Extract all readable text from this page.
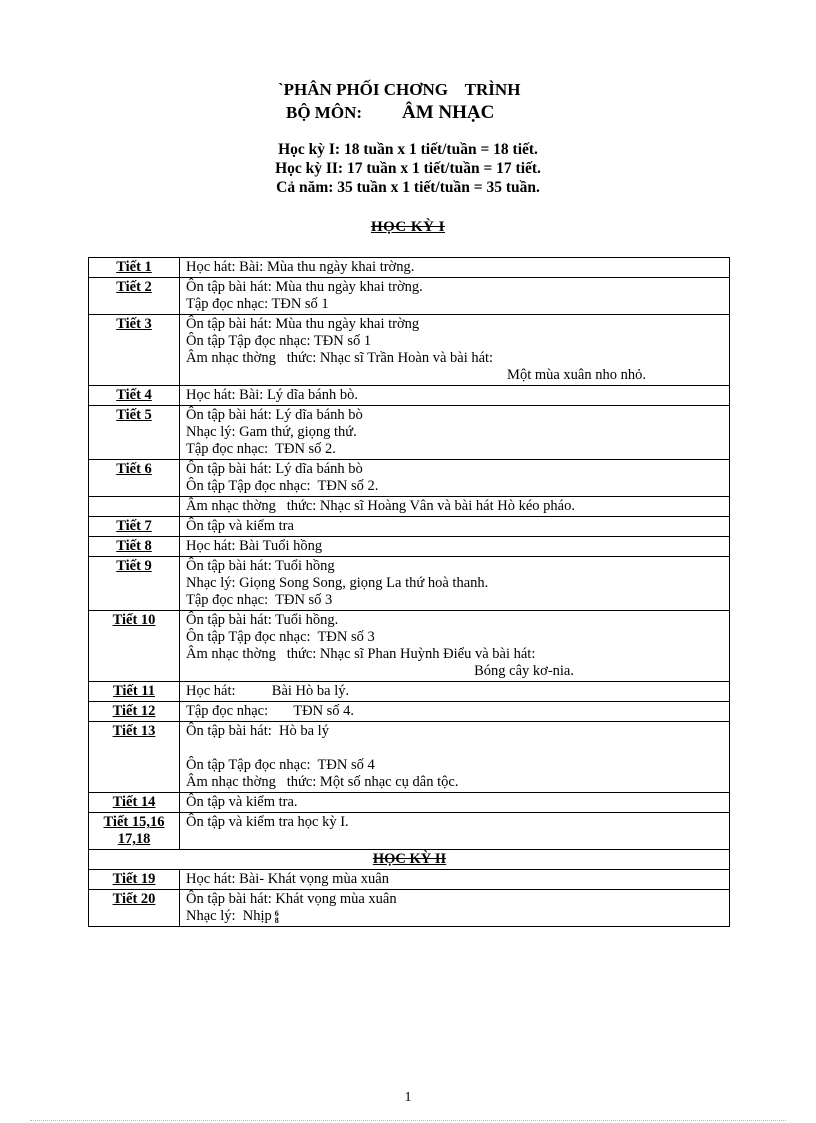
`PHÂN PHỐI CHƠNG    TRÌNH
BỘ MÔN: ÂM NHẠC
Học kỳ I: 18 tuần x 1 tiết/tuần = 18 tiết.
Học kỳ II: 17 tuần x 1 tiết/tuần = 17 tiết.
Cả năm: 35 tuần x 1 tiết/tuần = 35 tuần.
HỌC KỲ I
Tiết 1	Học hát: Bài: Mùa thu ngày khai trờng.

Tiết 2	Ôn tập bài hát: Mùa thu ngày khai trờng.
Tập đọc nhạc: TĐN số 1

Tiết 3	Ôn tập bài hát: Mùa thu ngày khai trờng
Ôn tập Tập đọc nhạc: TĐN số 1
Âm nhạc thờng   thức: Nhạc sĩ Trần Hoàn và bài hát:
Một mùa xuân nho nhỏ.

Tiết 4	Học hát: Bài: Lý dĩa bánh bò.

Tiết 5	Ôn tập bài hát: Lý dĩa bánh bò
Nhạc lý: Gam thứ, giọng thứ.
Tập đọc nhạc:  TĐN số 2.

Tiết 6	Ôn tập bài hát: Lý dĩa bánh bò
Ôn tập Tập đọc nhạc:  TĐN số 2.

	Âm nhạc thờng   thức: Nhạc sĩ Hoàng Vân và bài hát Hò kéo pháo.

Tiết 7	Ôn tập và kiểm tra

Tiết 8	Học hát: Bài Tuổi hồng

Tiết 9	Ôn tập bài hát: Tuổi hồng
Nhạc lý: Giọng Song Song, giọng La thứ hoà thanh.
Tập đọc nhạc:  TĐN số 3

Tiết 10	Ôn tập bài hát: Tuổi hồng.
Ôn tập Tập đọc nhạc:  TĐN số 3
Âm nhạc thờng   thức: Nhạc sĩ Phan Huỳnh Điểu và bài hát:
Bóng cây kơ-nia.

Tiết 11	Học hát:          Bài Hò ba lý.

Tiết 12	Tập đọc nhạc:       TĐN số 4.

Tiết 13	Ôn tập bài hát:  Hò ba lý
Ôn tập Tập đọc nhạc:  TĐN số 4
Âm nhạc thờng   thức: Một số nhạc cụ dân tộc.

Tiết 14	Ôn tập và kiểm tra.

Tiết 15,16 17,18	Ôn tập và kiểm tra học kỳ I.

HỌC KỲ II	
Tiết 19	Học hát: Bài- Khát vọng mùa xuân

Tiết 20	Ôn tập bài hát: Khát vọng mùa xuân
Nhạc lý:  Nhịp 6
8
1
